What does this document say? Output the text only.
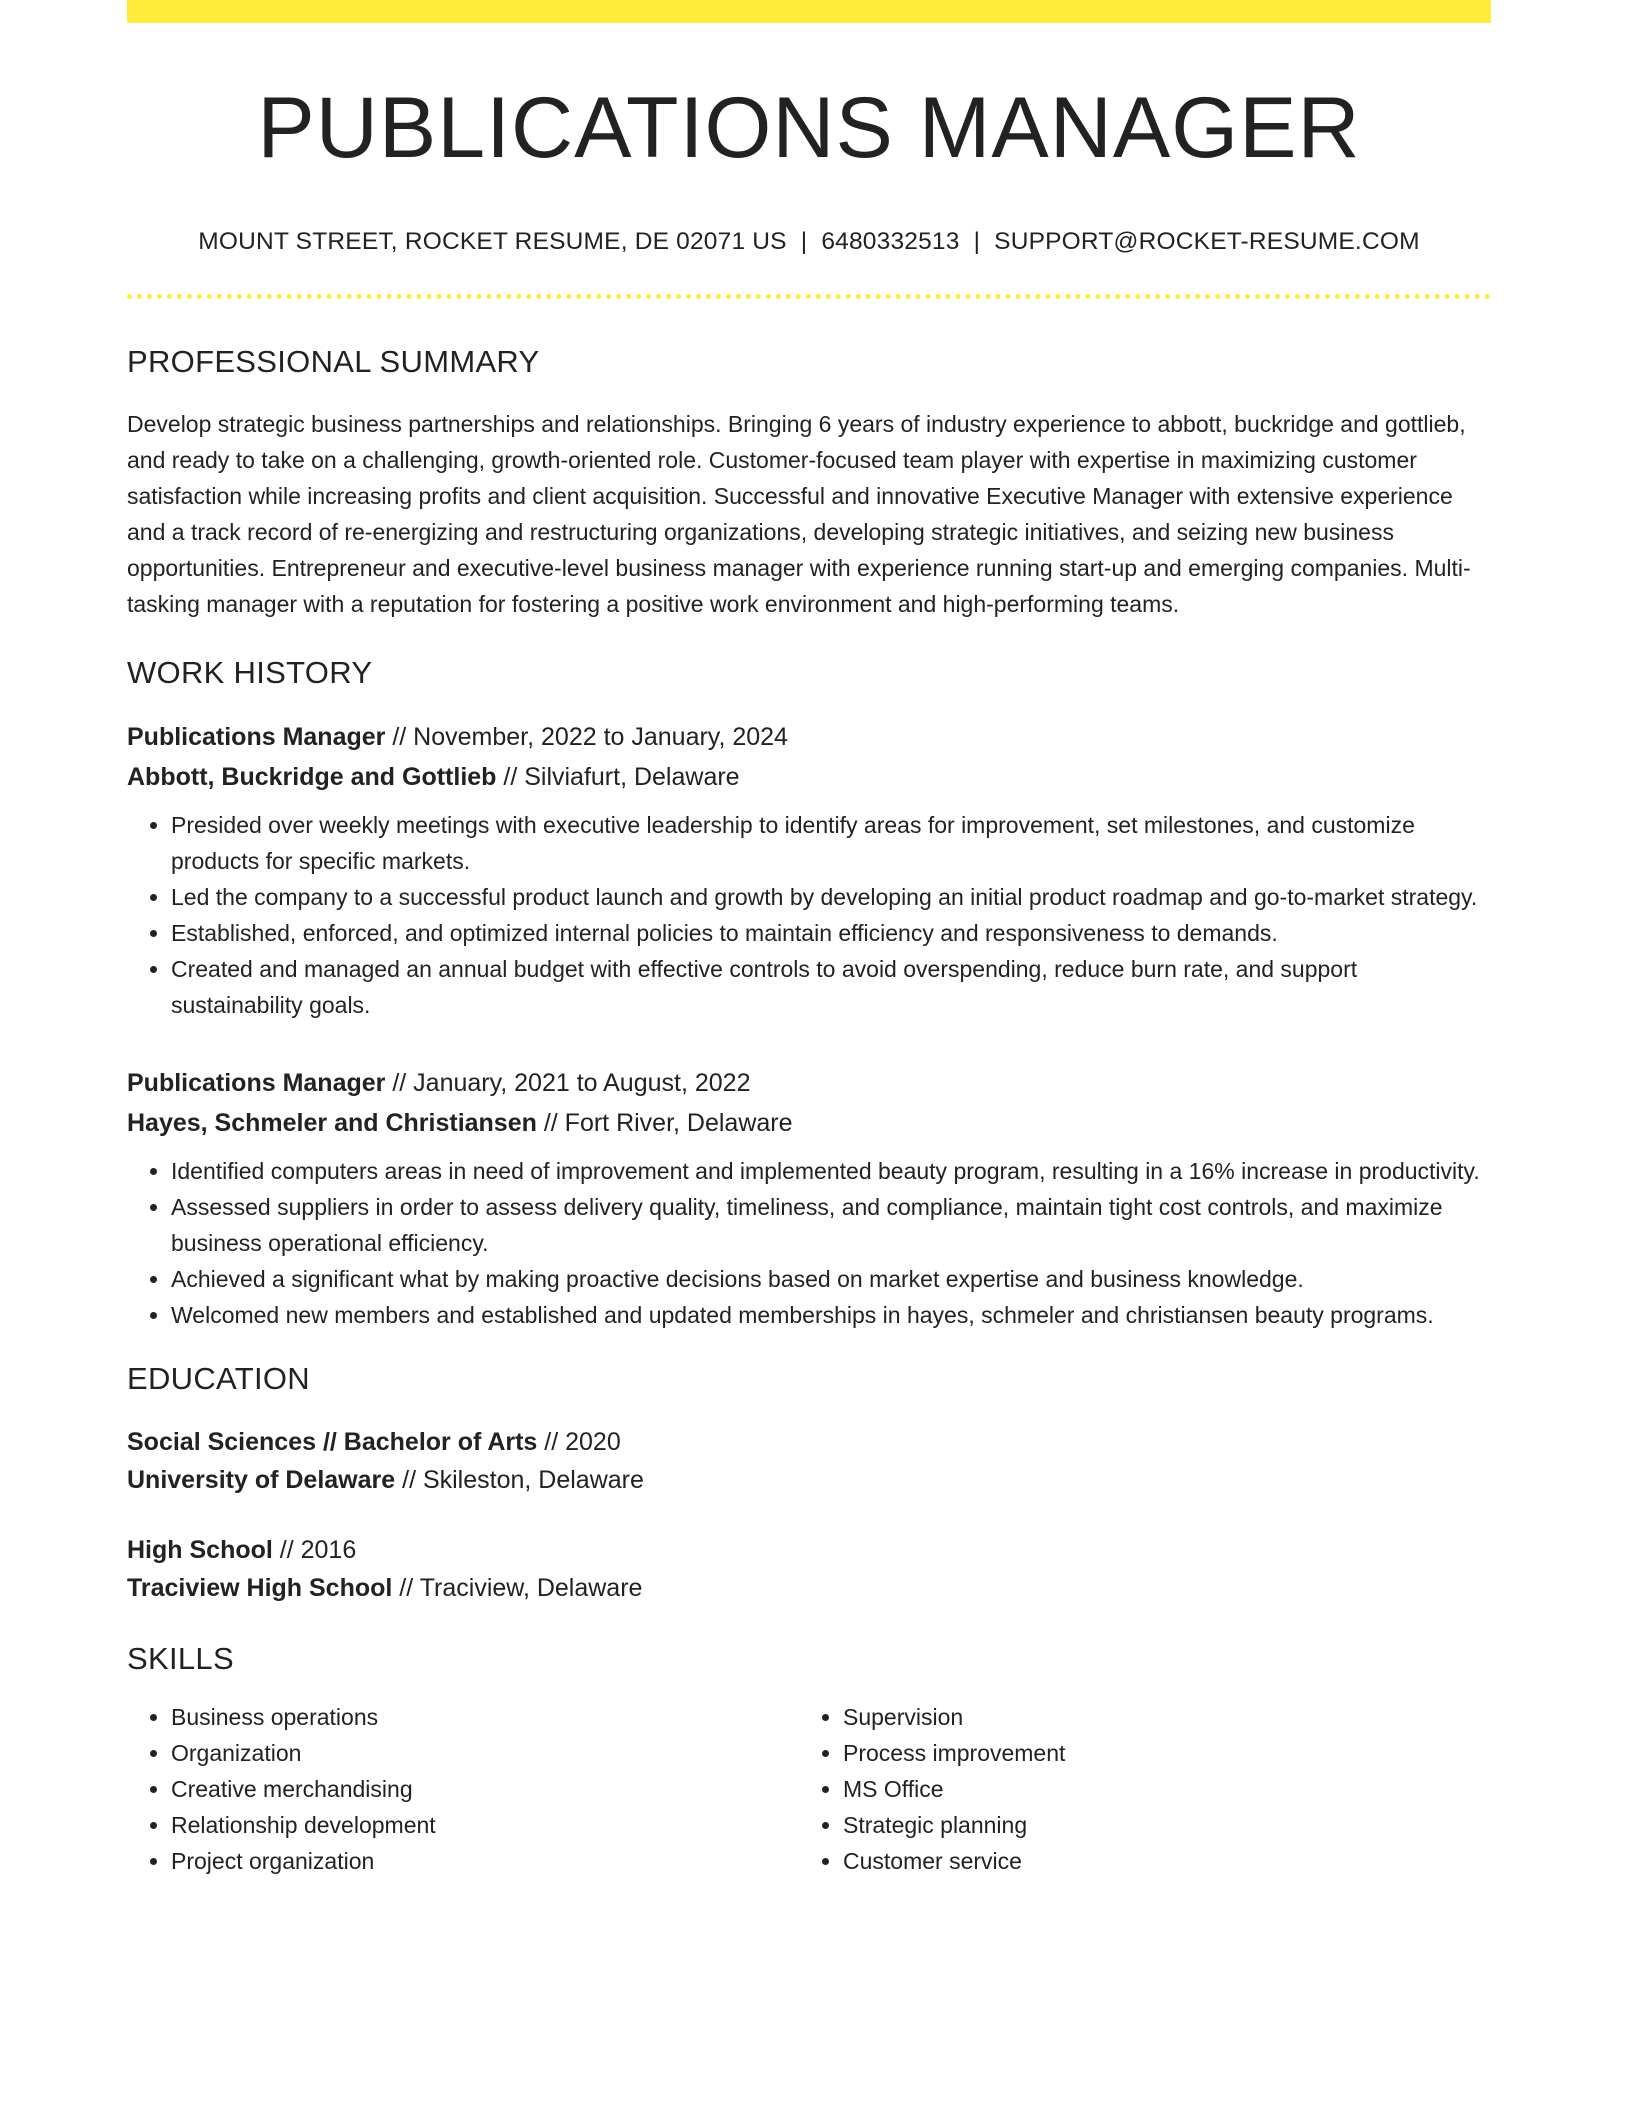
PUBLICATIONS MANAGER
MOUNT STREET, ROCKET RESUME, DE 02071 US | 6480332513 | SUPPORT@ROCKET-RESUME.COM
PROFESSIONAL SUMMARY
Develop strategic business partnerships and relationships. Bringing 6 years of industry experience to abbott, buckridge and gottlieb, and ready to take on a challenging, growth-oriented role. Customer-focused team player with expertise in maximizing customer satisfaction while increasing profits and client acquisition. Successful and innovative Executive Manager with extensive experience and a track record of re-energizing and restructuring organizations, developing strategic initiatives, and seizing new business opportunities. Entrepreneur and executive-level business manager with experience running start-up and emerging companies. Multi-tasking manager with a reputation for fostering a positive work environment and high-performing teams.
WORK HISTORY
Publications Manager // November, 2022 to January, 2024
Abbott, Buckridge and Gottlieb // Silviafurt, Delaware
• Presided over weekly meetings with executive leadership to identify areas for improvement, set milestones, and customize products for specific markets.
• Led the company to a successful product launch and growth by developing an initial product roadmap and go-to-market strategy.
• Established, enforced, and optimized internal policies to maintain efficiency and responsiveness to demands.
• Created and managed an annual budget with effective controls to avoid overspending, reduce burn rate, and support sustainability goals.
Publications Manager // January, 2021 to August, 2022
Hayes, Schmeler and Christiansen // Fort River, Delaware
• Identified computers areas in need of improvement and implemented beauty program, resulting in a 16% increase in productivity.
• Assessed suppliers in order to assess delivery quality, timeliness, and compliance, maintain tight cost controls, and maximize business operational efficiency.
• Achieved a significant what by making proactive decisions based on market expertise and business knowledge.
• Welcomed new members and established and updated memberships in hayes, schmeler and christiansen beauty programs.
EDUCATION
Social Sciences // Bachelor of Arts // 2020
University of Delaware // Skileston, Delaware
High School // 2016
Traciview High School // Traciview, Delaware
SKILLS
• Business operations
• Organization
• Creative merchandising
• Relationship development
• Project organization
• Supervision
• Process improvement
• MS Office
• Strategic planning
• Customer service
